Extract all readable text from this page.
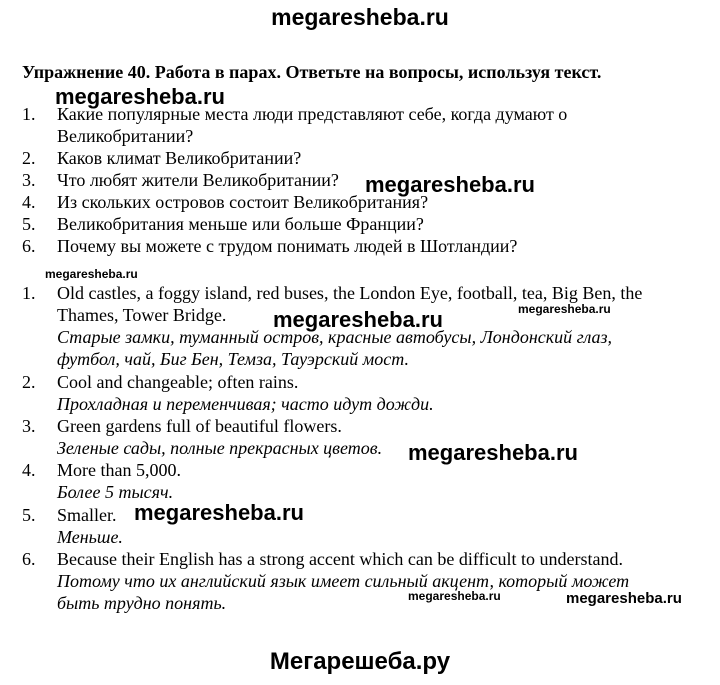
megaresheba.ru
Упражнение 40. Работа в парах. Ответьте на вопросы, используя текст.
megaresheba.ru
megaresheba.ru
megaresheba.ru
megaresheba.ru	megaresheba.ru
megaresheba.ru
megaresheba.ru
megaresheba.ru	megaresheba.ru
1. Какие популярные места люди представляют себе, когда думают о
Великобритании?
2. Каков климат Великобритании?
3. Что любят жители Великобритании?
4. Из скольких островов состоит Великобритания?
5. Великобритания меньше или больше Франции?
6. Почему вы можете с трудом понимать людей в Шотландии?
1. Old castles, a foggy island, red buses, the London Eye, football, tea, Big Ben, the
Thames, Tower Bridge.
Старые замки, туманный остров, красные автобусы, Лондонский глаз,
футбол, чай, Биг Бен, Темза, Тауэрский мост.
2. Cool and changeable; often rains.
Прохладная и переменчивая; часто идут дожди.
3. Green gardens full of beautiful flowers.
Зеленые сады, полные прекрасных цветов.
4. More than 5,000.
Более 5 тысяч.
5. Smaller.
Меньше.
6. Because their English has a strong accent which can be difficult to understand.
Потому что их английский язык имеет сильный акцент, который может
быть трудно понять.
Мегарешеба.ру
